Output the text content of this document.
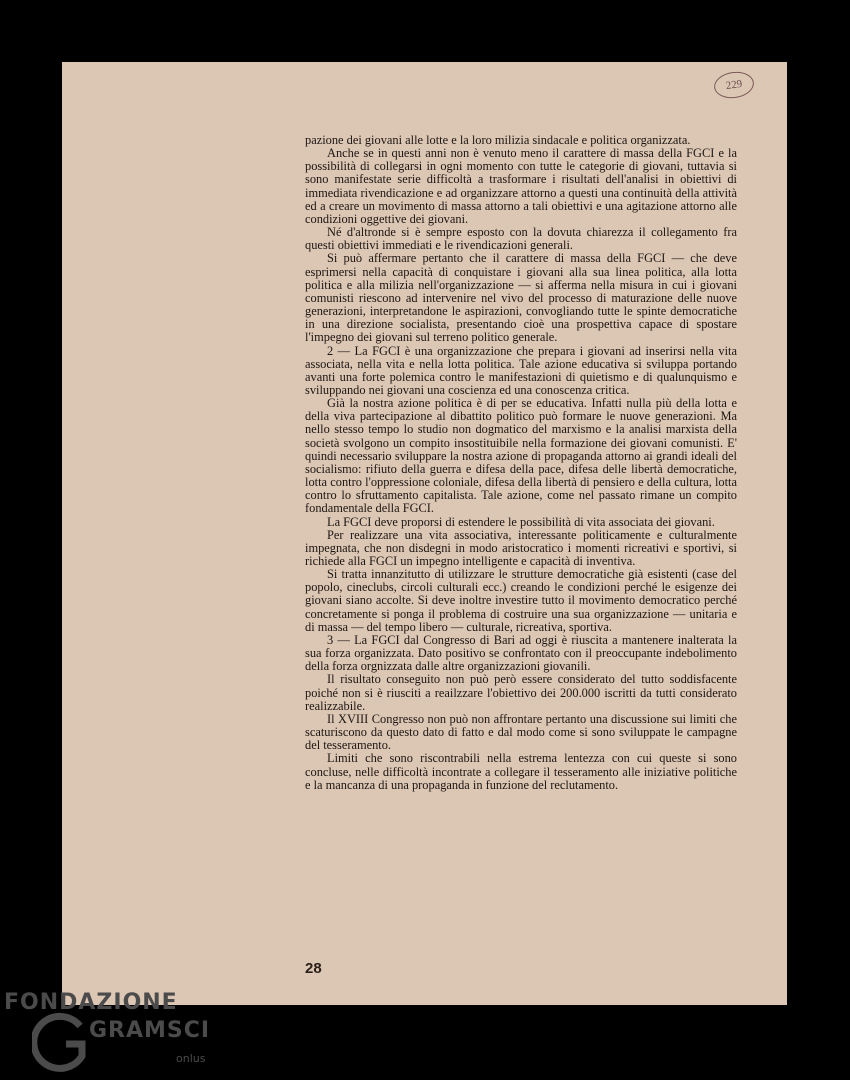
229

pazione dei giovani alle lotte e la loro milizia sindacale e politica organizzata.

Anche se in questi anni non è venuto meno il carattere di massa della FGCI e la possibilità di collegarsi in ogni momento con tutte le categorie di giovani, tuttavia si sono manifestate serie difficoltà a trasformare i risultati dell'analisi in obiettivi di immediata rivendicazione e ad organizzare attorno a questi una continuità della attività ed a creare un movimento di massa attorno a tali obiettivi e una agitazione attorno alle condizioni oggettive dei giovani.

Né d'altronde si è sempre esposto con la dovuta chiarezza il collegamento fra questi obiettivi immediati e le rivendicazioni generali.

Si può affermare pertanto che il carattere di massa della FGCI — che deve esprimersi nella capacità di conquistare i giovani alla sua linea politica, alla lotta politica e alla milizia nell'organizzazione — si afferma nella misura in cui i giovani comunisti riescono ad intervenire nel vivo del processo di maturazione delle nuove generazioni, interpretandone le aspirazioni, convogliando tutte le spinte democratiche in una direzione socialista, presentando cioè una prospettiva capace di spostare l'impegno dei giovani sul terreno politico generale.

2 — La FGCI è una organizzazione che prepara i giovani ad inserirsi nella vita associata, nella vita e nella lotta politica. Tale azione educativa si sviluppa portando avanti una forte polemica contro le manifestazioni di quietismo e di qualunquismo e sviluppando nei giovani una coscienza ed una conoscenza critica.

Già la nostra azione politica è di per se educativa. Infatti nulla più della lotta e della viva partecipazione al dibattito politico può formare le nuove generazioni. Ma nello stesso tempo lo studio non dogmatico del marxismo e la analisi marxista della società svolgono un compito insostituibile nella formazione dei giovani comunisti. E' quindi necessario sviluppare la nostra azione di propaganda attorno ai grandi ideali del socialismo: rifiuto della guerra e difesa della pace, difesa delle libertà democratiche, lotta contro l'oppressione coloniale, difesa della libertà di pensiero e della cultura, lotta contro lo sfruttamento capitalista. Tale azione, come nel passato rimane un compito fondamentale della FGCI.

La FGCI deve proporsi di estendere le possibilità di vita associata dei giovani.

Per realizzare una vita associativa, interessante politicamente e culturalmente impegnata, che non disdegni in modo aristocratico i momenti ricreativi e sportivi, si richiede alla FGCI un impegno intelligente e capacità di inventiva.

Si tratta innanzitutto di utilizzare le strutture democratiche già esistenti (case del popolo, cineclubs, circoli culturali ecc.) creando le condizioni perché le esigenze dei giovani siano accolte. Si deve inoltre investire tutto il movimento democratico perché concretamente si ponga il problema di costruire una sua organizzazione — unitaria e di massa — del tempo libero — culturale, ricreativa, sportiva.

3 — La FGCI dal Congresso di Bari ad oggi è riuscita a mantenere inalterata la sua forza organizzata. Dato positivo se confrontato con il preoccupante indebolimento della forza orgnizzata dalle altre organizzazioni giovanili.

Il risultato conseguito non può però essere considerato del tutto soddisfacente poiché non si è riusciti a reailzzare l'obiettivo dei 200.000 iscritti da tutti considerato realizzabile.

Il XVIII Congresso non può non affrontare pertanto una discussione sui limiti che scaturiscono da questo dato di fatto e dal modo come si sono sviluppate le campagne del tesseramento.

Limiti che sono riscontrabili nella estrema lentezza con cui queste si sono concluse, nelle difficoltà incontrate a collegare il tesseramento alle iniziative politiche e la mancanza di una propaganda in funzione del reclutamento.

28
FONDAZIONE
GRAMSCI
onlus
